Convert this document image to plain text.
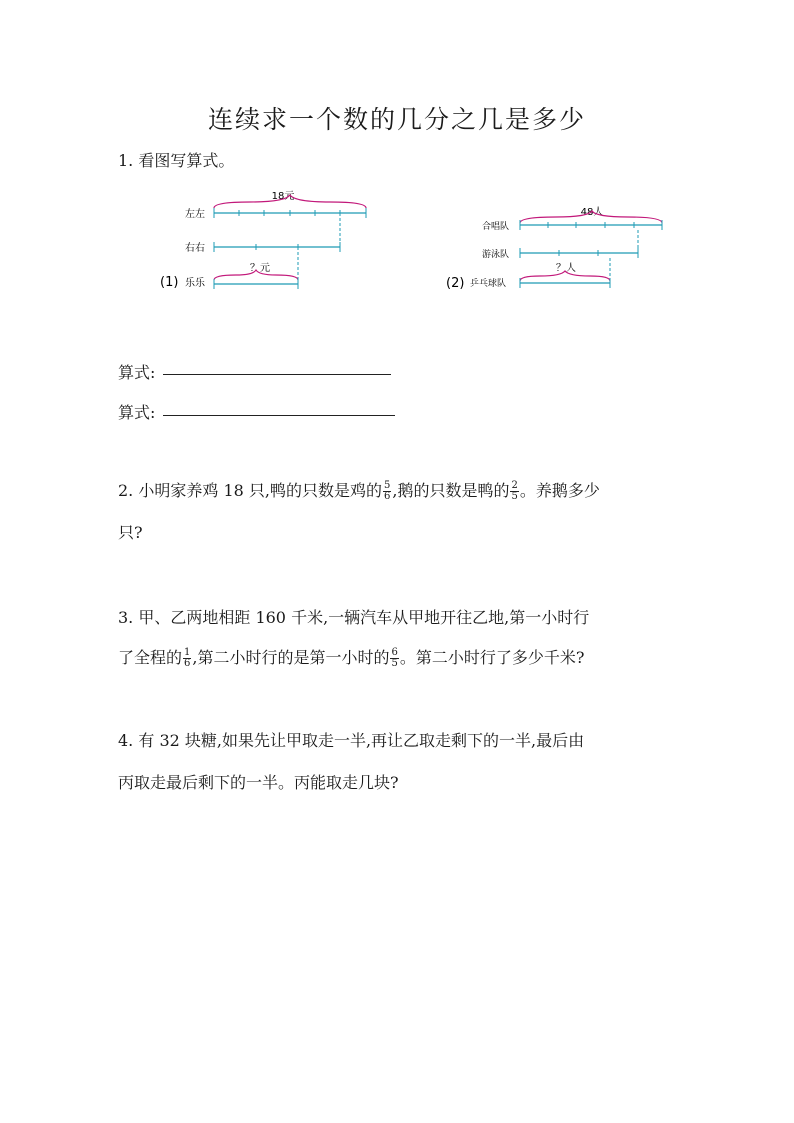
连续求一个数的几分之几是多少
1. 看图写算式。
18元
左左
右右
(1) 乐乐
？元
48人
合唱队
游泳队
(2) 乒乓球队
？人
算式:
算式:
2. 小明家养鸡 18 只,鸭的只数是鸡的 $\frac{5}{6}$ ,鹅的只数是鸭的 $\frac{2}{5}$ 。养鹅多少
只?
3. 甲、乙两地相距 160 千米,一辆汽车从甲地开往乙地,第一小时行
了全程的 $\frac{1}{6}$ ,第二小时行的是第一小时的 $\frac{6}{5}$ 。第二小时行了多少千米?
4. 有 32 块糖,如果先让甲取走一半,再让乙取走剩下的一半,最后由
丙取走最后剩下的一半。丙能取走几块?
